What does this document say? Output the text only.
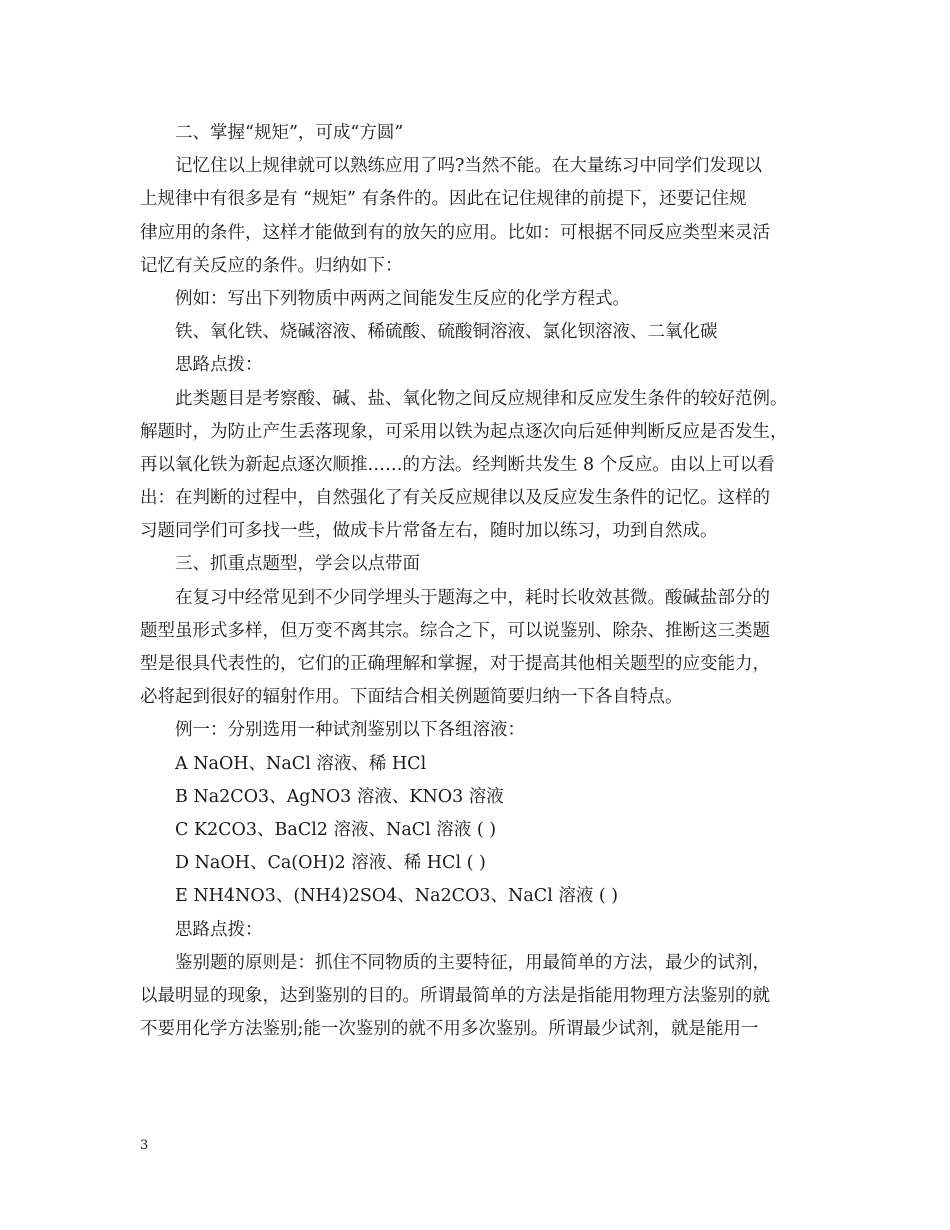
二、掌握“规矩”，可成“方圆”
记忆住以上规律就可以熟练应用了吗?当然不能。在大量练习中同学们发现以
上规律中有很多是有 “规矩” 有条件的。因此在记住规律的前提下，还要记住规
律应用的条件，这样才能做到有的放矢的应用。比如：可根据不同反应类型来灵活
记忆有关反应的条件。归纳如下：
例如：写出下列物质中两两之间能发生反应的化学方程式。
铁、氧化铁、烧碱溶液、稀硫酸、硫酸铜溶液、氯化钡溶液、二氧化碳
思路点拨：
此类题目是考察酸、碱、盐、氧化物之间反应规律和反应发生条件的较好范例。
解题时，为防止产生丢落现象，可采用以铁为起点逐次向后延伸判断反应是否发生，
再以氧化铁为新起点逐次顺推……的方法。经判断共发生 8 个反应。由以上可以看
出：在判断的过程中，自然强化了有关反应规律以及反应发生条件的记忆。这样的
习题同学们可多找一些，做成卡片常备左右，随时加以练习，功到自然成。
三、抓重点题型，学会以点带面
在复习中经常见到不少同学埋头于题海之中，耗时长收效甚微。酸碱盐部分的
题型虽形式多样，但万变不离其宗。综合之下，可以说鉴别、除杂、推断这三类题
型是很具代表性的，它们的正确理解和掌握，对于提高其他相关题型的应变能力，
必将起到很好的辐射作用。下面结合相关例题简要归纳一下各自特点。
例一：分别选用一种试剂鉴别以下各组溶液：
A NaOH、NaCl 溶液、稀 HCl
B Na2CO3、AgNO3 溶液、KNO3 溶液
C K2CO3、BaCl2 溶液、NaCl 溶液 ( )
D NaOH、Ca(OH)2 溶液、稀 HCl ( )
E NH4NO3、(NH4)2SO4、Na2CO3、NaCl 溶液 ( )
思路点拨：
鉴别题的原则是：抓住不同物质的主要特征，用最简单的方法，最少的试剂，
以最明显的现象，达到鉴别的目的。所谓最简单的方法是指能用物理方法鉴别的就
不要用化学方法鉴别;能一次鉴别的就不用多次鉴别。所谓最少试剂，就是能用一
3
